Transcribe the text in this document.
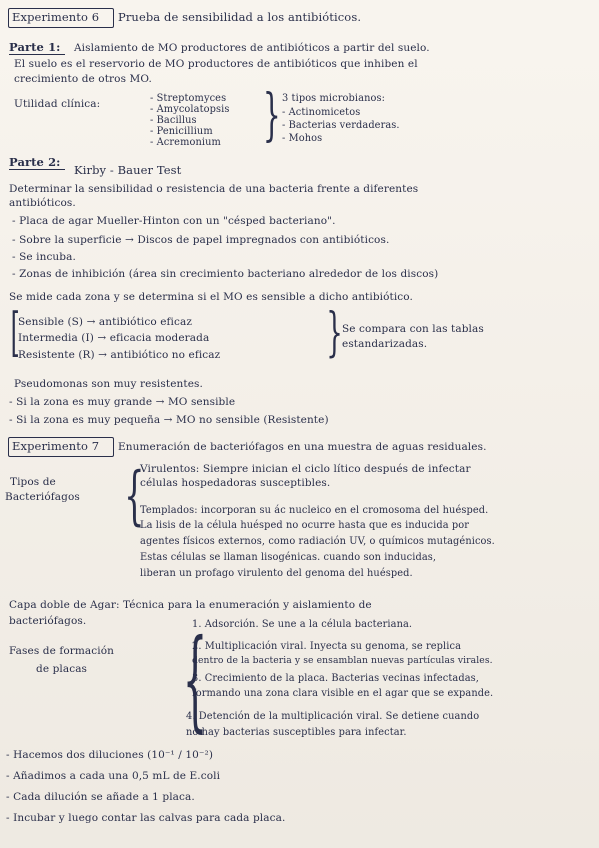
Experimento 6 Prueba de sensibilidad a los antibióticos.
Parte 1: Aislamiento de MO productores de antibióticos a partir del suelo.
El suelo es el reservorio de MO productores de antibióticos que inhiben el
crecimiento de otros MO.
Utilidad clínica:	- Streptomyces
- Amycolatopsis
- Bacillus
- Penicillium
- Acremonium } 3 tipos microbianos:
- Actinomicetos
- Bacterias verdaderas.
- Mohos
Parte 2:
Kirby - Bauer Test
Determinar la sensibilidad o resistencia de una bacteria frente a diferentes
antibióticos.
- Placa de agar Mueller-Hinton con un "césped bacteriano".
- Sobre la superficie → Discos de papel impregnados con antibióticos.
- Se incuba.
- Zonas de inhibición (área sin crecimiento bacteriano alrededor de los discos)
Se mide cada zona y se determina si el MO es sensible a dicho antibiótico.
[
Sensible (S) → antibiótico eficaz
Intermedia (I) → eficacia moderada
Resistente (R) → antibiótico no eficaz } Se compara con las tablas
estandarizadas.
Pseudomonas son muy resistentes.
- Si la zona es muy grande → MO sensible
- Si la zona es muy pequeña → MO no sensible (Resistente)
Experimento 7 Enumeración de bacteriófagos en una muestra de aguas residuales.
Tipos de
Bacteriófagos {
Virulentos: Siempre inician el ciclo lítico después de infectar
células hospedadoras susceptibles.
Templados: incorporan su ác nucleico en el cromosoma del huésped.
La lisis de la célula huésped no ocurre hasta que es inducida por
agentes físicos externos, como radiación UV, o químicos mutagénicos.
Estas células se llaman lisogénicas. cuando son inducidas,
liberan un profago virulento del genoma del huésped.
Capa doble de Agar: Técnica para la enumeración y aislamiento de
bacteriófagos.
Fases de formación
de placas {
1. Adsorción. Se une a la célula bacteriana.
2. Multiplicación viral. Inyecta su genoma, se replica
dentro de la bacteria y se ensamblan nuevas partículas virales.
3. Crecimiento de la placa. Bacterias vecinas infectadas,
formando una zona clara visible en el agar que se expande.
4. Detención de la multiplicación viral. Se detiene cuando
no hay bacterias susceptibles para infectar.
- Hacemos dos diluciones (10⁻¹ / 10⁻²)
- Añadimos a cada una 0,5 mL de E.coli
- Cada dilución se añade a 1 placa.
- Incubar y luego contar las calvas para cada placa.
